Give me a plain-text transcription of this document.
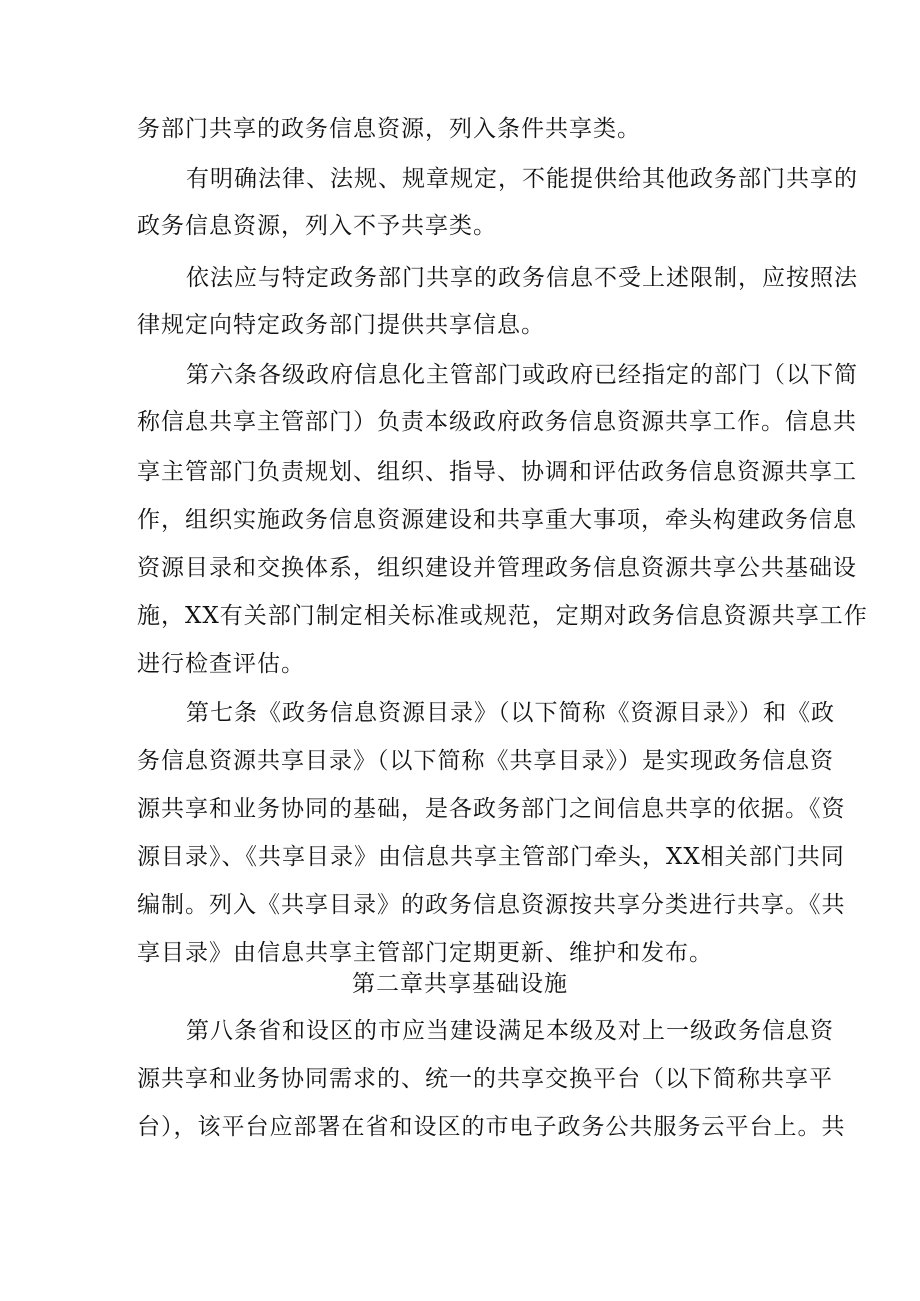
务部门共享的政务信息资源，列入条件共享类。
有明确法律、法规、规章规定，不能提供给其他政务部门共享的
政务信息资源，列入不予共享类。
依法应与特定政务部门共享的政务信息不受上述限制，应按照法
律规定向特定政务部门提供共享信息。
第六条各级政府信息化主管部门或政府已经指定的部门（以下简
称信息共享主管部门）负责本级政府政务信息资源共享工作。信息共
享主管部门负责规划、组织、指导、协调和评估政务信息资源共享工
作，组织实施政务信息资源建设和共享重大事项，牵头构建政务信息
资源目录和交换体系，组织建设并管理政务信息资源共享公共基础设
施，XX有关部门制定相关标准或规范，定期对政务信息资源共享工作
进行检查评估。
第七条《政务信息资源目录》（以下简称《资源目录》）和《政
务信息资源共享目录》（以下简称《共享目录》）是实现政务信息资
源共享和业务协同的基础，是各政务部门之间信息共享的依据。《资
源目录》、《共享目录》由信息共享主管部门牵头，XX相关部门共同
编制。列入《共享目录》的政务信息资源按共享分类进行共享。《共
享目录》由信息共享主管部门定期更新、维护和发布。
第二章共享基础设施
第八条省和设区的市应当建设满足本级及对上一级政务信息资
源共享和业务协同需求的、统一的共享交换平台（以下简称共享平
台），该平台应部署在省和设区的市电子政务公共服务云平台上。共
